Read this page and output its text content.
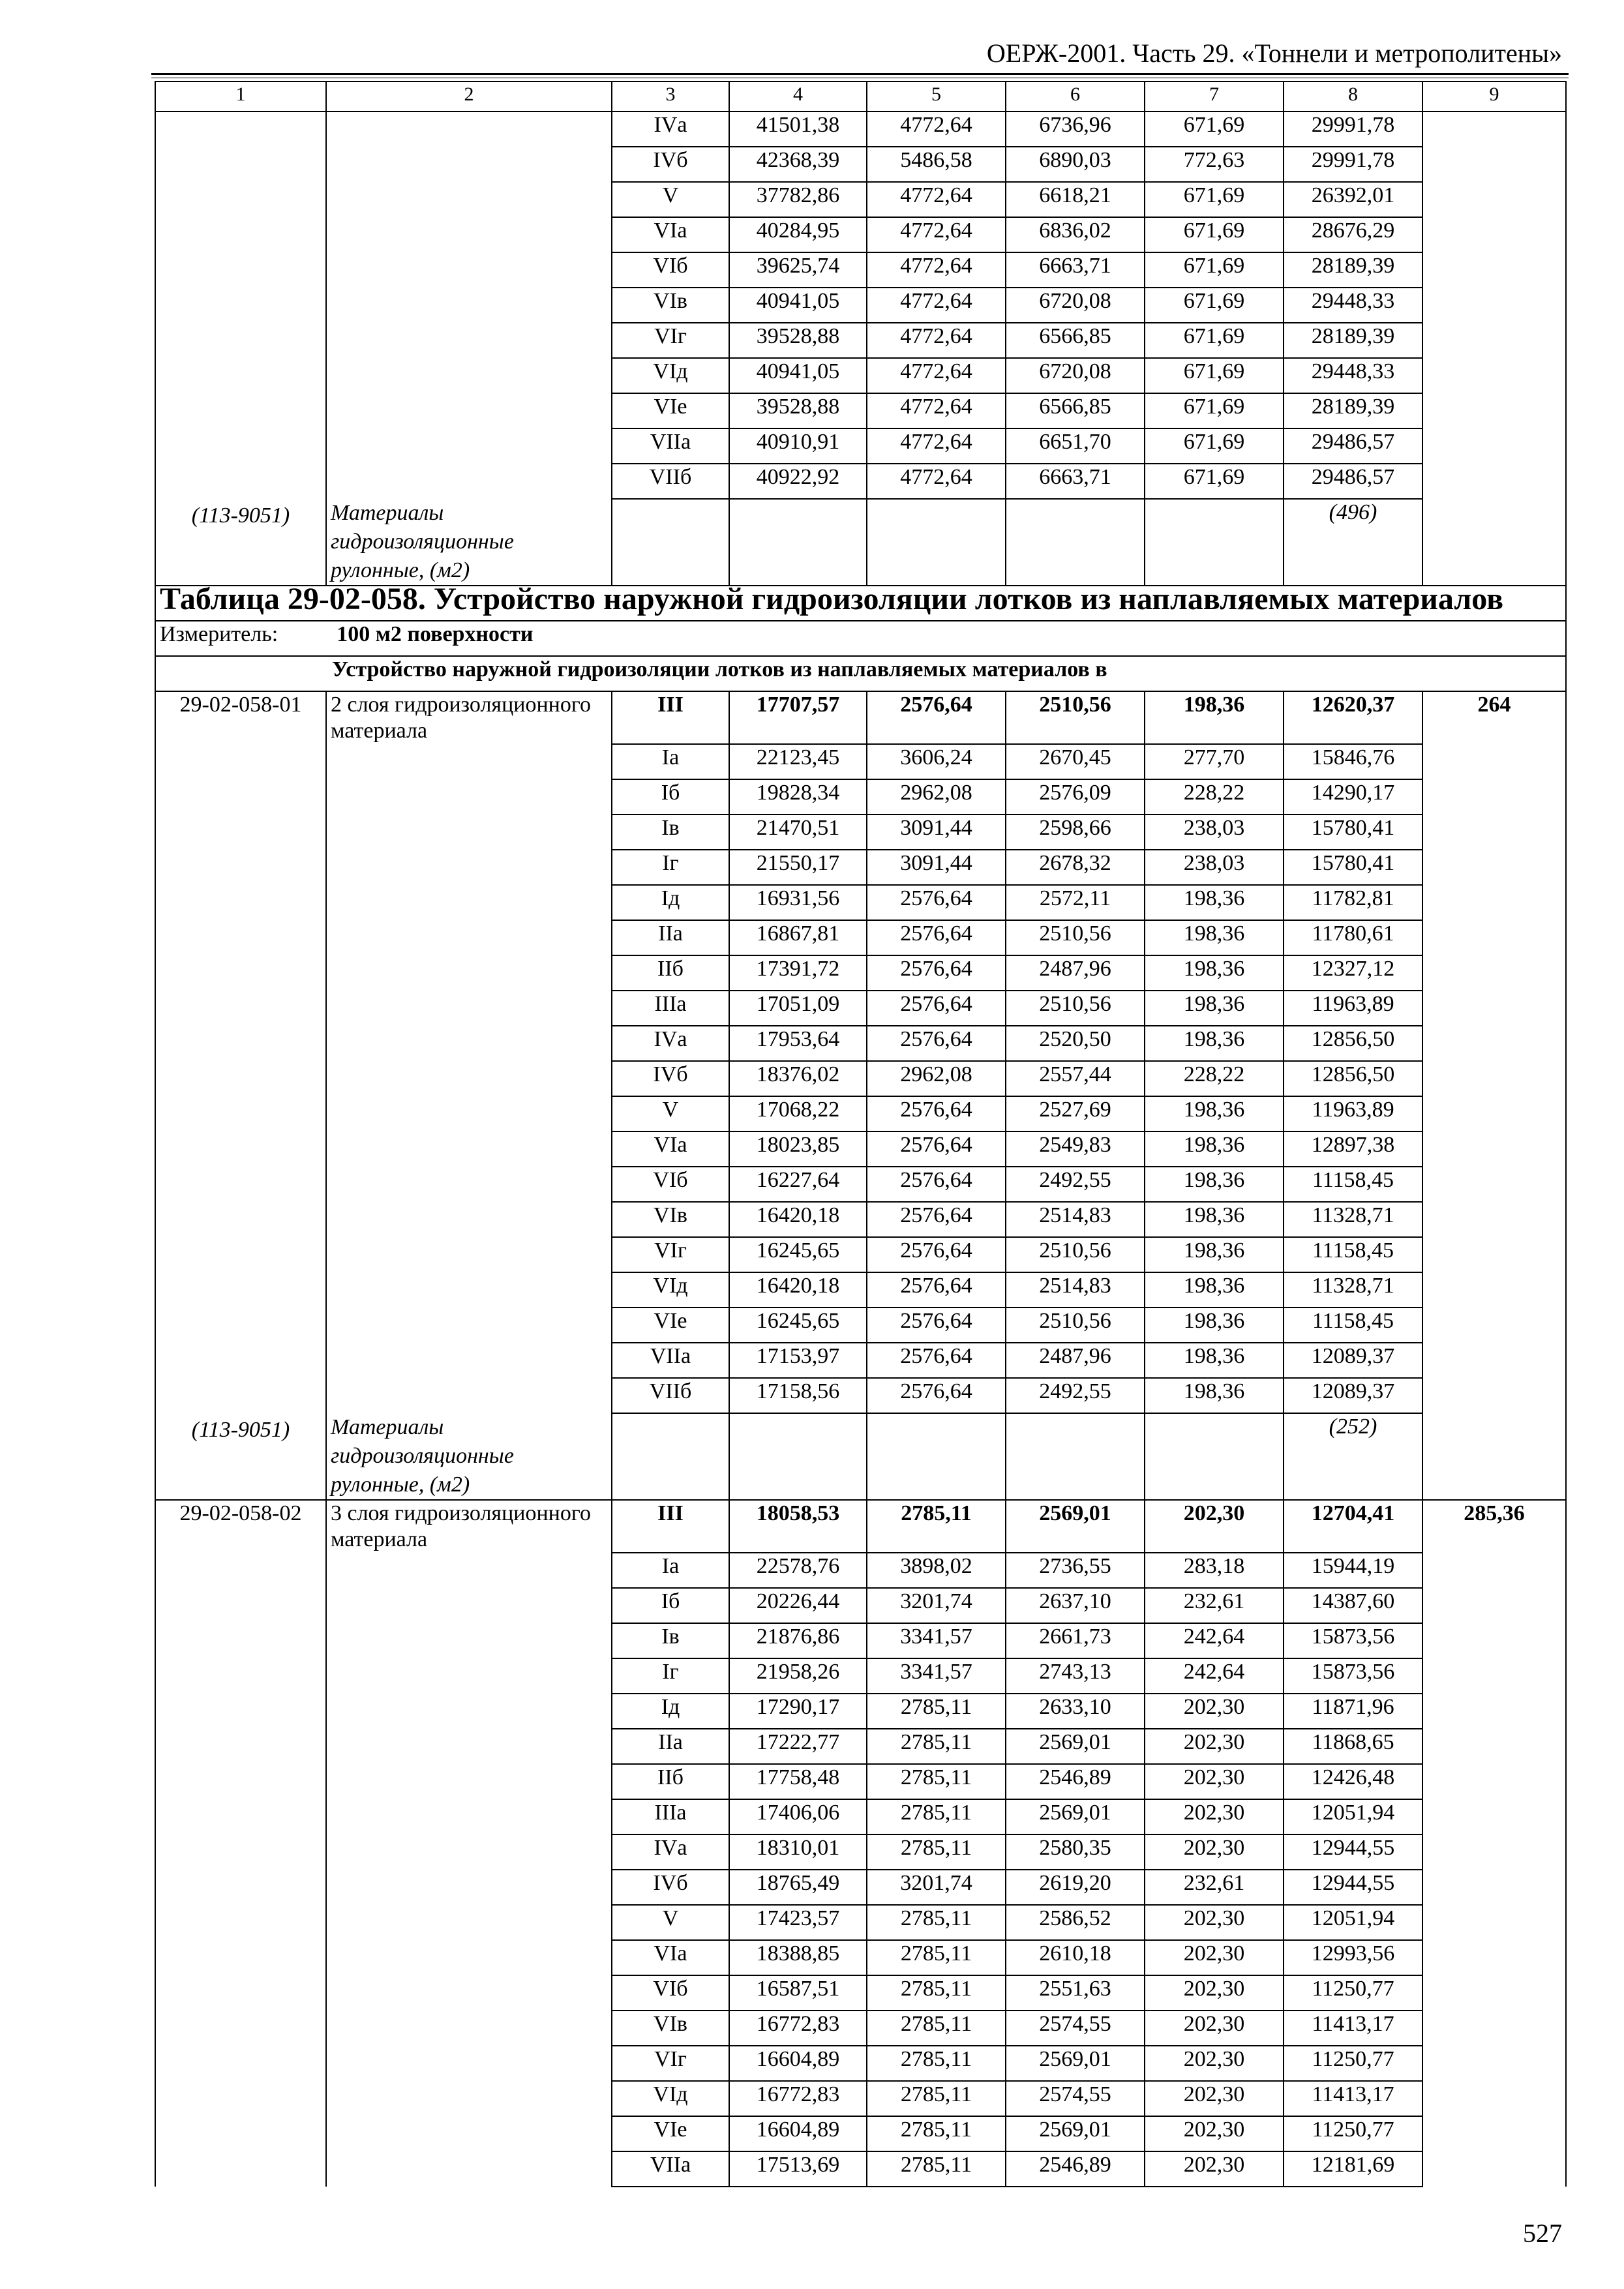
ОЕРЖ-2001. Часть 29. «Тоннели и метрополитены»
1	2	3	4	5	6	7	8	9
		IVа	41501,38	4772,64	6736,96	671,69	29991,78	
		IVб	42368,39	5486,58	6890,03	772,63	29991,78	
		V	37782,86	4772,64	6618,21	671,69	26392,01	
		VIа	40284,95	4772,64	6836,02	671,69	28676,29	
		VIб	39625,74	4772,64	6663,71	671,69	28189,39	
		VIв	40941,05	4772,64	6720,08	671,69	29448,33	
		VIг	39528,88	4772,64	6566,85	671,69	28189,39	
		VIд	40941,05	4772,64	6720,08	671,69	29448,33	
		VIе	39528,88	4772,64	6566,85	671,69	28189,39	
		VIIа	40910,91	4772,64	6651,70	671,69	29486,57	
		VIIб	40922,92	4772,64	6663,71	671,69	29486,57	
(113-9051)	Материалы гидроизоляционные рулонные, (м2)						(496)	
Таблица 29-02-058. Устройство наружной гидроизоляции лотков из наплавляемых материалов								
Измеритель: 100 м2 поверхности								
Устройство наружной гидроизоляции лотков из наплавляемых материалов в								
29-02-058-01	2 слоя гидроизоляционного материала	III	17707,57	2576,64	2510,56	198,36	12620,37	264
		Iа	22123,45	3606,24	2670,45	277,70	15846,76	
		Iб	19828,34	2962,08	2576,09	228,22	14290,17	
		Iв	21470,51	3091,44	2598,66	238,03	15780,41	
		Iг	21550,17	3091,44	2678,32	238,03	15780,41	
		Iд	16931,56	2576,64	2572,11	198,36	11782,81	
		IIа	16867,81	2576,64	2510,56	198,36	11780,61	
		IIб	17391,72	2576,64	2487,96	198,36	12327,12	
		IIIа	17051,09	2576,64	2510,56	198,36	11963,89	
		IVа	17953,64	2576,64	2520,50	198,36	12856,50	
		IVб	18376,02	2962,08	2557,44	228,22	12856,50	
		V	17068,22	2576,64	2527,69	198,36	11963,89	
		VIа	18023,85	2576,64	2549,83	198,36	12897,38	
		VIб	16227,64	2576,64	2492,55	198,36	11158,45	
		VIв	16420,18	2576,64	2514,83	198,36	11328,71	
		VIг	16245,65	2576,64	2510,56	198,36	11158,45	
		VIд	16420,18	2576,64	2514,83	198,36	11328,71	
		VIе	16245,65	2576,64	2510,56	198,36	11158,45	
		VIIа	17153,97	2576,64	2487,96	198,36	12089,37	
		VIIб	17158,56	2576,64	2492,55	198,36	12089,37	
(113-9051)	Материалы гидроизоляционные рулонные, (м2)						(252)	
29-02-058-02	3 слоя гидроизоляционного материала	III	18058,53	2785,11	2569,01	202,30	12704,41	285,36
		Iа	22578,76	3898,02	2736,55	283,18	15944,19	
		Iб	20226,44	3201,74	2637,10	232,61	14387,60	
		Iв	21876,86	3341,57	2661,73	242,64	15873,56	
		Iг	21958,26	3341,57	2743,13	242,64	15873,56	
		Iд	17290,17	2785,11	2633,10	202,30	11871,96	
		IIа	17222,77	2785,11	2569,01	202,30	11868,65	
		IIб	17758,48	2785,11	2546,89	202,30	12426,48	
		IIIа	17406,06	2785,11	2569,01	202,30	12051,94	
		IVа	18310,01	2785,11	2580,35	202,30	12944,55	
		IVб	18765,49	3201,74	2619,20	232,61	12944,55	
		V	17423,57	2785,11	2586,52	202,30	12051,94	
		VIа	18388,85	2785,11	2610,18	202,30	12993,56	
		VIб	16587,51	2785,11	2551,63	202,30	11250,77	
		VIв	16772,83	2785,11	2574,55	202,30	11413,17	
		VIг	16604,89	2785,11	2569,01	202,30	11250,77	
		VIд	16772,83	2785,11	2574,55	202,30	11413,17	
		VIе	16604,89	2785,11	2569,01	202,30	11250,77	
		VIIа	17513,69	2785,11	2546,89	202,30	12181,69	
527
